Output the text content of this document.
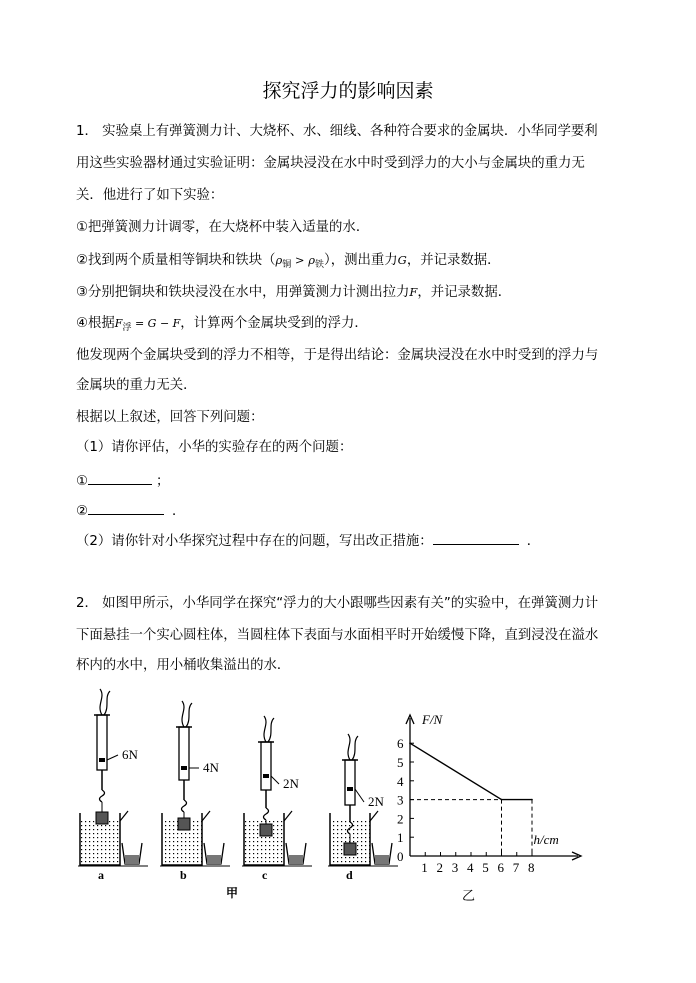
探究浮力的影响因素
1． 实验桌上有弹簧测力计、大烧杯、水、细线、各种符合要求的金属块．小华同学要利
用这些实验器材通过实验证明：金属块浸没在水中时受到浮力的大小与金属块的重力无
关．他进行了如下实验：
①把弹簧测力计调零，在大烧杯中装入适量的水．
②找到两个质量相等铜块和铁块$(\rho_铜 > \rho_铁)$，测出重力G，并记录数据．
③分别把铜块和铁块浸没在水中，用弹簧测力计测出拉力F，并记录数据．
④根据$F_浮 = G - F$，计算两个金属块受到的浮力．
他发现两个金属块受到的浮力不相等，于是得出结论：金属块浸没在水中时受到的浮力与
金属块的重力无关．
根据以上叙述，回答下列问题：
（1）请你评估，小华的实验存在的两个问题：
①	；
②	．
（2）请你针对小华探究过程中存在的问题，写出改正措施：	．
2． 如图甲所示，小华同学在探究“浮力的大小跟哪些因素有关”的实验中，在弹簧测力计
下面悬挂一个实心圆柱体，当圆柱体下表面与水面相平时开始缓慢下降，直到浸没在溢水
杯内的水中，用小桶收集溢出的水．
6N
a
4N
b
2N
c
2N
d
0
1
2
3
4
5
6
1 2 3 4 5 6 7 8
F/N
h/cm
甲	乙
